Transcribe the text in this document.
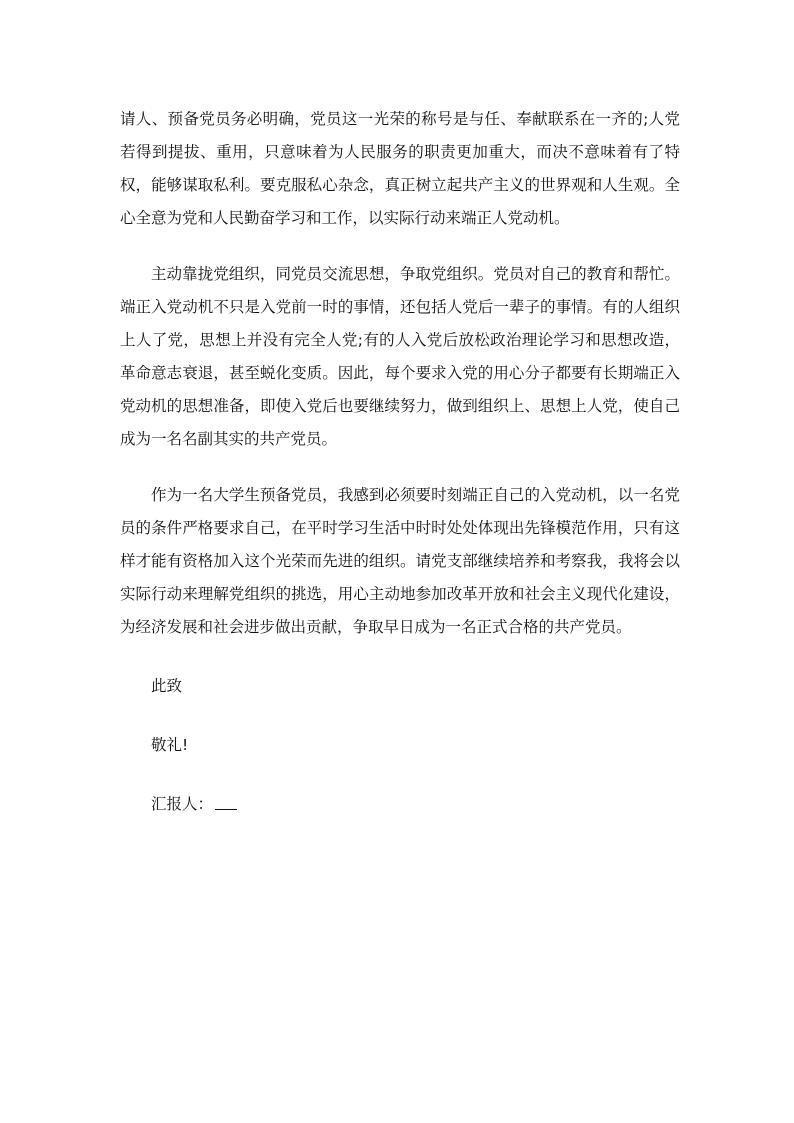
请人、预备党员务必明确，党员这一光荣的称号是与任、奉献联系在一齐的;人党若得到提拔、重用，只意味着为人民服务的职责更加重大，而决不意味着有了特权，能够谋取私利。要克服私心杂念，真正树立起共产主义的世界观和人生观。全心全意为党和人民勤奋学习和工作，以实际行动来端正人党动机。

主动靠拢党组织，同党员交流思想，争取党组织。党员对自己的教育和帮忙。端正入党动机不只是入党前一时的事情，还包括人党后一辈子的事情。有的人组织上人了党，思想上并没有完全人党;有的人入党后放松政治理论学习和思想改造，革命意志衰退，甚至蜕化变质。因此，每个要求入党的用心分子都要有长期端正入党动机的思想准备，即使入党后也要继续努力，做到组织上、思想上人党，使自己成为一名名副其实的共产党员。

作为一名大学生预备党员，我感到必须要时刻端正自己的入党动机，以一名党员的条件严格要求自己，在平时学习生活中时时处处体现出先锋模范作用，只有这样才能有资格加入这个光荣而先进的组织。请党支部继续培养和考察我，我将会以实际行动来理解党组织的挑选，用心主动地参加改革开放和社会主义现代化建设，为经济发展和社会进步做出贡献，争取早日成为一名正式合格的共产党员。

此致

敬礼!

汇报人：
